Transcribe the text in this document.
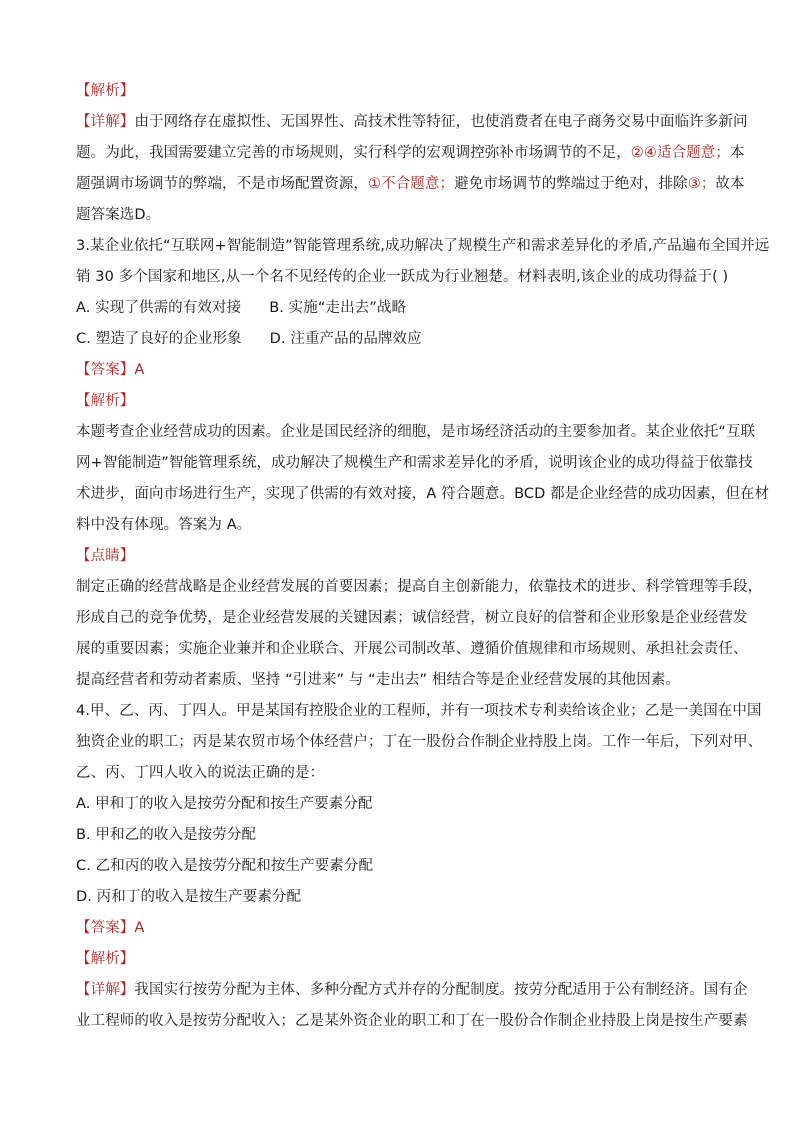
【解析】
【详解】由于网络存在虚拟性、无国界性、高技术性等特征，也使消费者在电子商务交易中面临许多新问
题。为此，我国需要建立完善的市场规则，实行科学的宏观调控弥补市场调节的不足，②④适合题意；本
题强调市场调节的弊端，不是市场配置资源，①不合题意；避免市场调节的弊端过于绝对，排除③；故本
题答案选D。
3.某企业依托“互联网+智能制造”智能管理系统,成功解决了规模生产和需求差异化的矛盾,产品遍布全国并远
销 30 多个国家和地区,从一个名不见经传的企业一跃成为行业翘楚。材料表明,该企业的成功得益于( )
A. 实现了供需的有效对接 B. 实施“走出去”战略
C. 塑造了良好的企业形象 D. 注重产品的品牌效应
【答案】A
【解析】
本题考查企业经营成功的因素。企业是国民经济的细胞，是市场经济活动的主要参加者。某企业依托“互联
网+智能制造”智能管理系统，成功解决了规模生产和需求差异化的矛盾，说明该企业的成功得益于依靠技
术进步，面向市场进行生产，实现了供需的有效对接，A 符合题意。BCD 都是企业经营的成功因素，但在材
料中没有体现。答案为 A。
【点睛】
制定正确的经营战略是企业经营发展的首要因素；提高自主创新能力，依靠技术的进步、科学管理等手段，
形成自己的竞争优势，是企业经营发展的关键因素；诚信经营，树立良好的信誉和企业形象是企业经营发
展的重要因素；实施企业兼并和企业联合、开展公司制改革、遵循价值规律和市场规则、承担社会责任、
提高经营者和劳动者素质、坚持 “引进来” 与 “走出去” 相结合等是企业经营发展的其他因素。
4.甲、乙、丙、丁四人。甲是某国有控股企业的工程师，并有一项技术专利卖给该企业；乙是一美国在中国
独资企业的职工；丙是某农贸市场个体经营户；丁在一股份合作制企业持股上岗。工作一年后，下列对甲、
乙、丙、丁四人收入的说法正确的是：
A. 甲和丁的收入是按劳分配和按生产要素分配
B. 甲和乙的收入是按劳分配
C. 乙和丙的收入是按劳分配和按生产要素分配
D. 丙和丁的收入是按生产要素分配
【答案】A
【解析】
【详解】我国实行按劳分配为主体、多种分配方式并存的分配制度。按劳分配适用于公有制经济。国有企
业工程师的收入是按劳分配收入；乙是某外资企业的职工和丁在一股份合作制企业持股上岗是按生产要素
